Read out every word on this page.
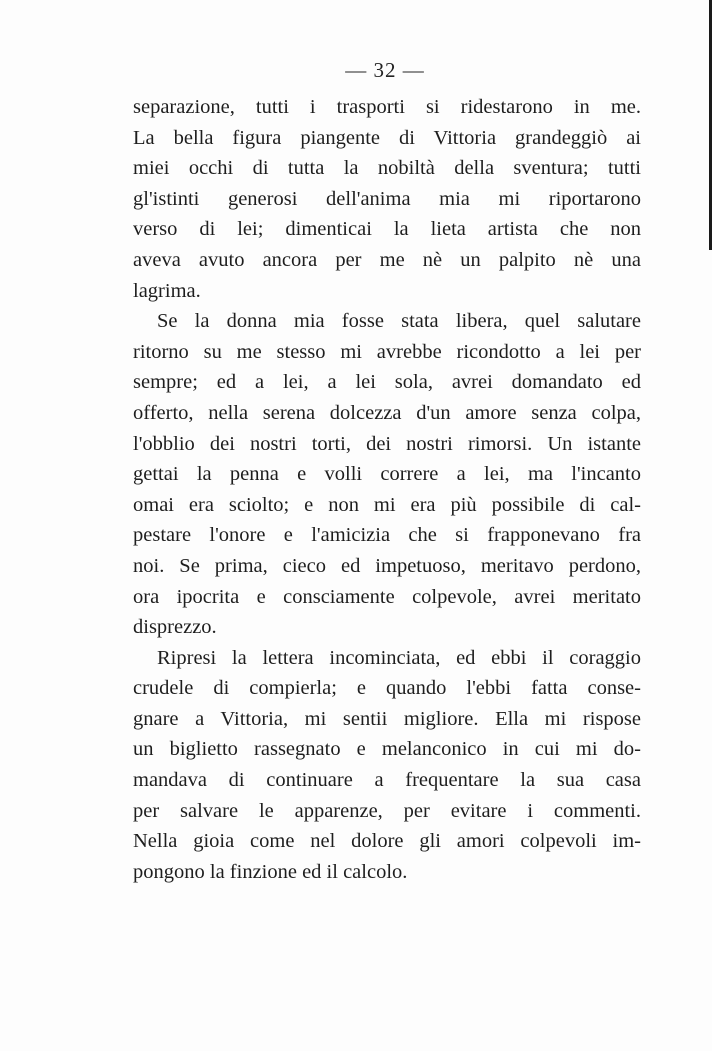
— 32 —
separazione, tutti i trasporti si ridestarono in me.
La bella figura piangente di Vittoria grandeggiò ai
miei occhi di tutta la nobiltà della sventura; tutti
gl'istinti generosi dell'anima mia mi riportarono
verso di lei; dimenticai la lieta artista che non
aveva avuto ancora per me nè un palpito nè una
lagrima.
Se la donna mia fosse stata libera, quel salutare
ritorno su me stesso mi avrebbe ricondotto a lei per
sempre; ed a lei, a lei sola, avrei domandato ed
offerto, nella serena dolcezza d'un amore senza colpa,
l'obblio dei nostri torti, dei nostri rimorsi. Un istante
gettai la penna e volli correre a lei, ma l'incanto
omai era sciolto; e non mi era più possibile di cal-
pestare l'onore e l'amicizia che si frapponevano fra
noi. Se prima, cieco ed impetuoso, meritavo perdono,
ora ipocrita e consciamente colpevole, avrei meritato
disprezzo.
Ripresi la lettera incominciata, ed ebbi il coraggio
crudele di compierla; e quando l'ebbi fatta conse-
gnare a Vittoria, mi sentii migliore. Ella mi rispose
un biglietto rassegnato e melanconico in cui mi do-
mandava di continuare a frequentare la sua casa
per salvare le apparenze, per evitare i commenti.
Nella gioia come nel dolore gli amori colpevoli im-
pongono la finzione ed il calcolo.
